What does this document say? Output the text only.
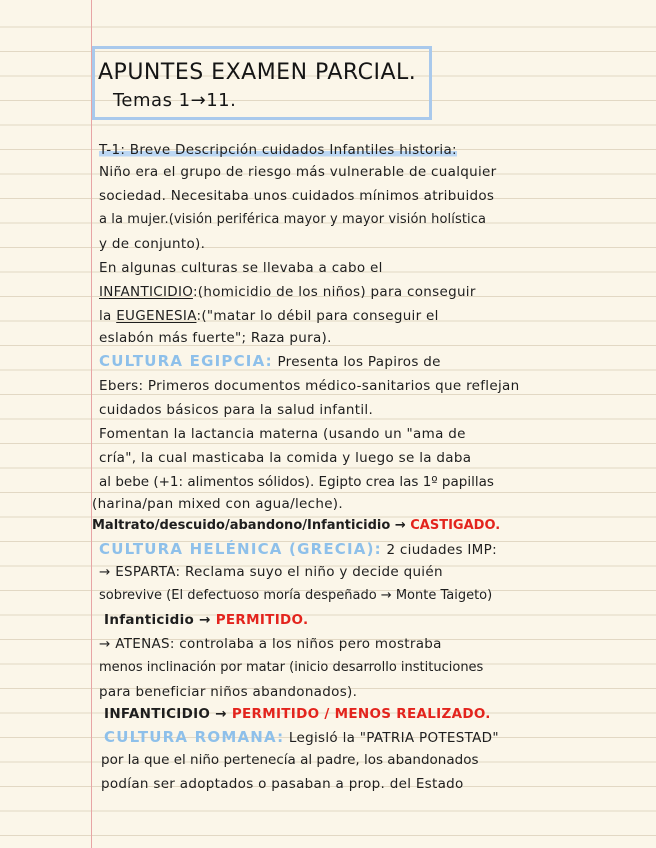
APUNTES EXAMEN PARCIAL.
Temas 1→11.
T-1: Breve Descripción cuidados Infantiles historia:
Niño era el grupo de riesgo más vulnerable de cualquier
sociedad. Necesitaba unos cuidados mínimos atribuidos
a la mujer.(visión periférica mayor y mayor visión holística
y de conjunto).
En algunas culturas se llevaba a cabo el
INFANTICIDIO:(homicidio de los niños) para conseguir
la EUGENESIA:("matar lo débil para conseguir el
eslabón más fuerte"; Raza pura).
CULTURA EGIPCIA: Presenta los Papiros de
Ebers: Primeros documentos médico-sanitarios que reflejan
cuidados básicos para la salud infantil.
Fomentan la lactancia materna (usando un "ama de
cría", la cual masticaba la comida y luego se la daba
al bebe (+1: alimentos sólidos). Egipto crea las 1º papillas
(harina/pan mixed con agua/leche).
Maltrato/descuido/abandono/Infanticidio → CASTIGADO.
CULTURA HELÉNICA (GRECIA): 2 ciudades IMP:
→ ESPARTA: Reclama suyo el niño y decide quién
sobrevive (El defectuoso moría despeñado → Monte Taigeto)
Infanticidio → PERMITIDO.
→ ATENAS: controlaba a los niños pero mostraba
menos inclinación por matar (inicio desarrollo instituciones
para beneficiar niños abandonados).
INFANTICIDIO → PERMITIDO / MENOS REALIZADO.
CULTURA ROMANA: Legisló la "PATRIA POTESTAD"
por la que el niño pertenecía al padre, los abandonados
podían ser adoptados o pasaban a prop. del Estado
